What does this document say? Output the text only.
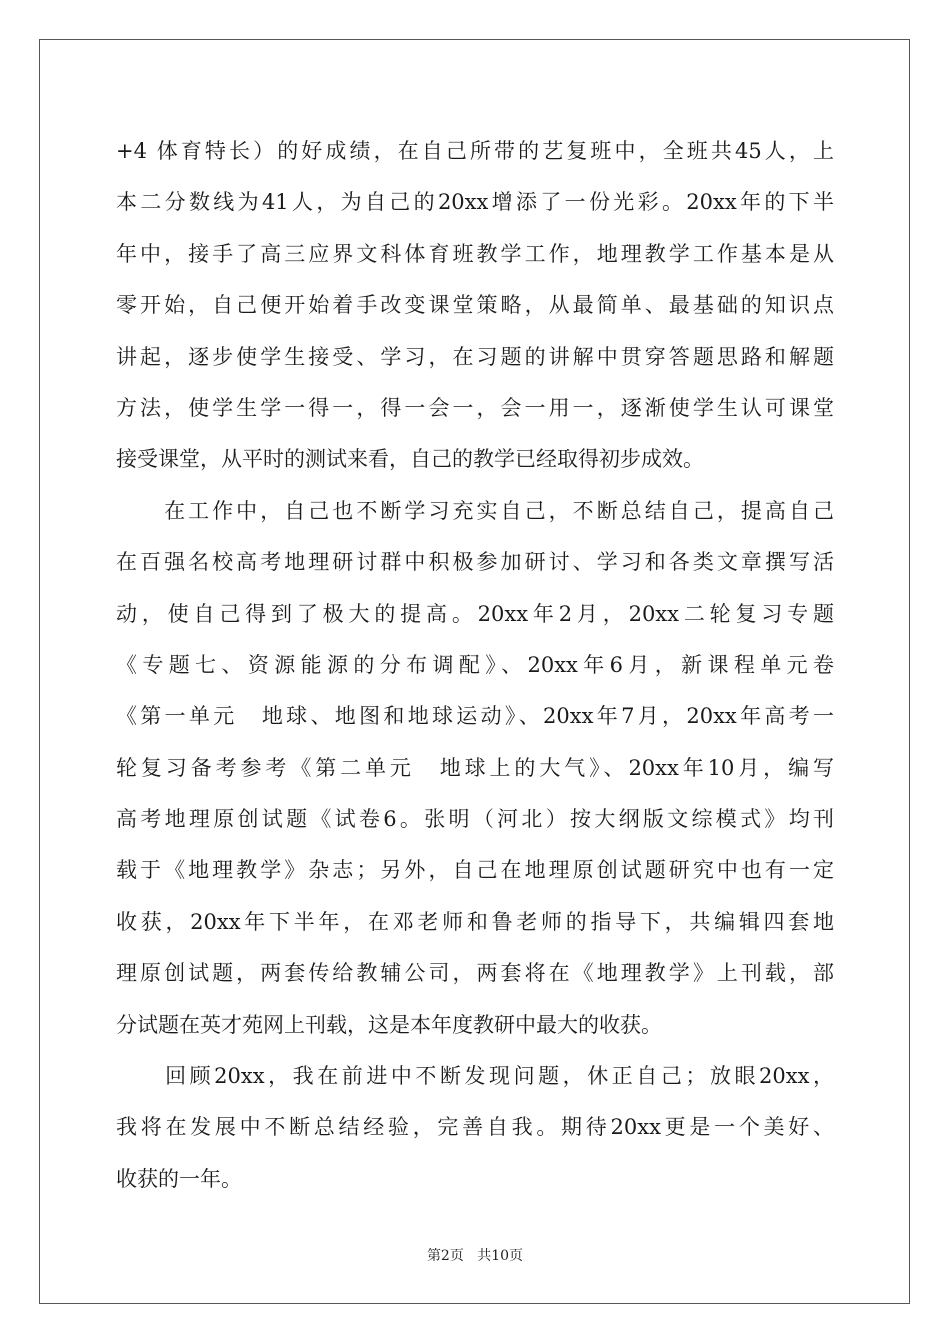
+4 体育特长）的好成绩，在自己所带的艺复班中，全班共45人，上
本二分数线为41人，为自己的20xx增添了一份光彩。20xx年的下半
年中，接手了高三应界文科体育班教学工作，地理教学工作基本是从
零开始，自己便开始着手改变课堂策略，从最简单、最基础的知识点
讲起，逐步使学生接受、学习，在习题的讲解中贯穿答题思路和解题
方法，使学生学一得一，得一会一，会一用一，逐渐使学生认可课堂
接受课堂，从平时的测试来看，自己的教学已经取得初步成效。
　　在工作中，自己也不断学习充实自己，不断总结自己，提高自己
在百强名校高考地理研讨群中积极参加研讨、学习和各类文章撰写活
动，使自己得到了极大的提高。20xx年2月，20xx二轮复习专题
《专题七、资源能源的分布调配》、20xx年6月，新课程单元卷
《第一单元　地球、地图和地球运动》、20xx年7月，20xx年高考一
轮复习备考参考《第二单元　地球上的大气》、20xx年10月，编写
高考地理原创试题《试卷6。张明（河北）按大纲版文综模式》均刊
载于《地理教学》杂志；另外，自己在地理原创试题研究中也有一定
收获，20xx年下半年，在邓老师和鲁老师的指导下，共编辑四套地
理原创试题，两套传给教辅公司，两套将在《地理教学》上刊载，部
分试题在英才苑网上刊载，这是本年度教研中最大的收获。
　　回顾20xx，我在前进中不断发现问题，休正自己；放眼20xx，
我将在发展中不断总结经验，完善自我。期待20xx更是一个美好、
收获的一年。
第2页 共10页
